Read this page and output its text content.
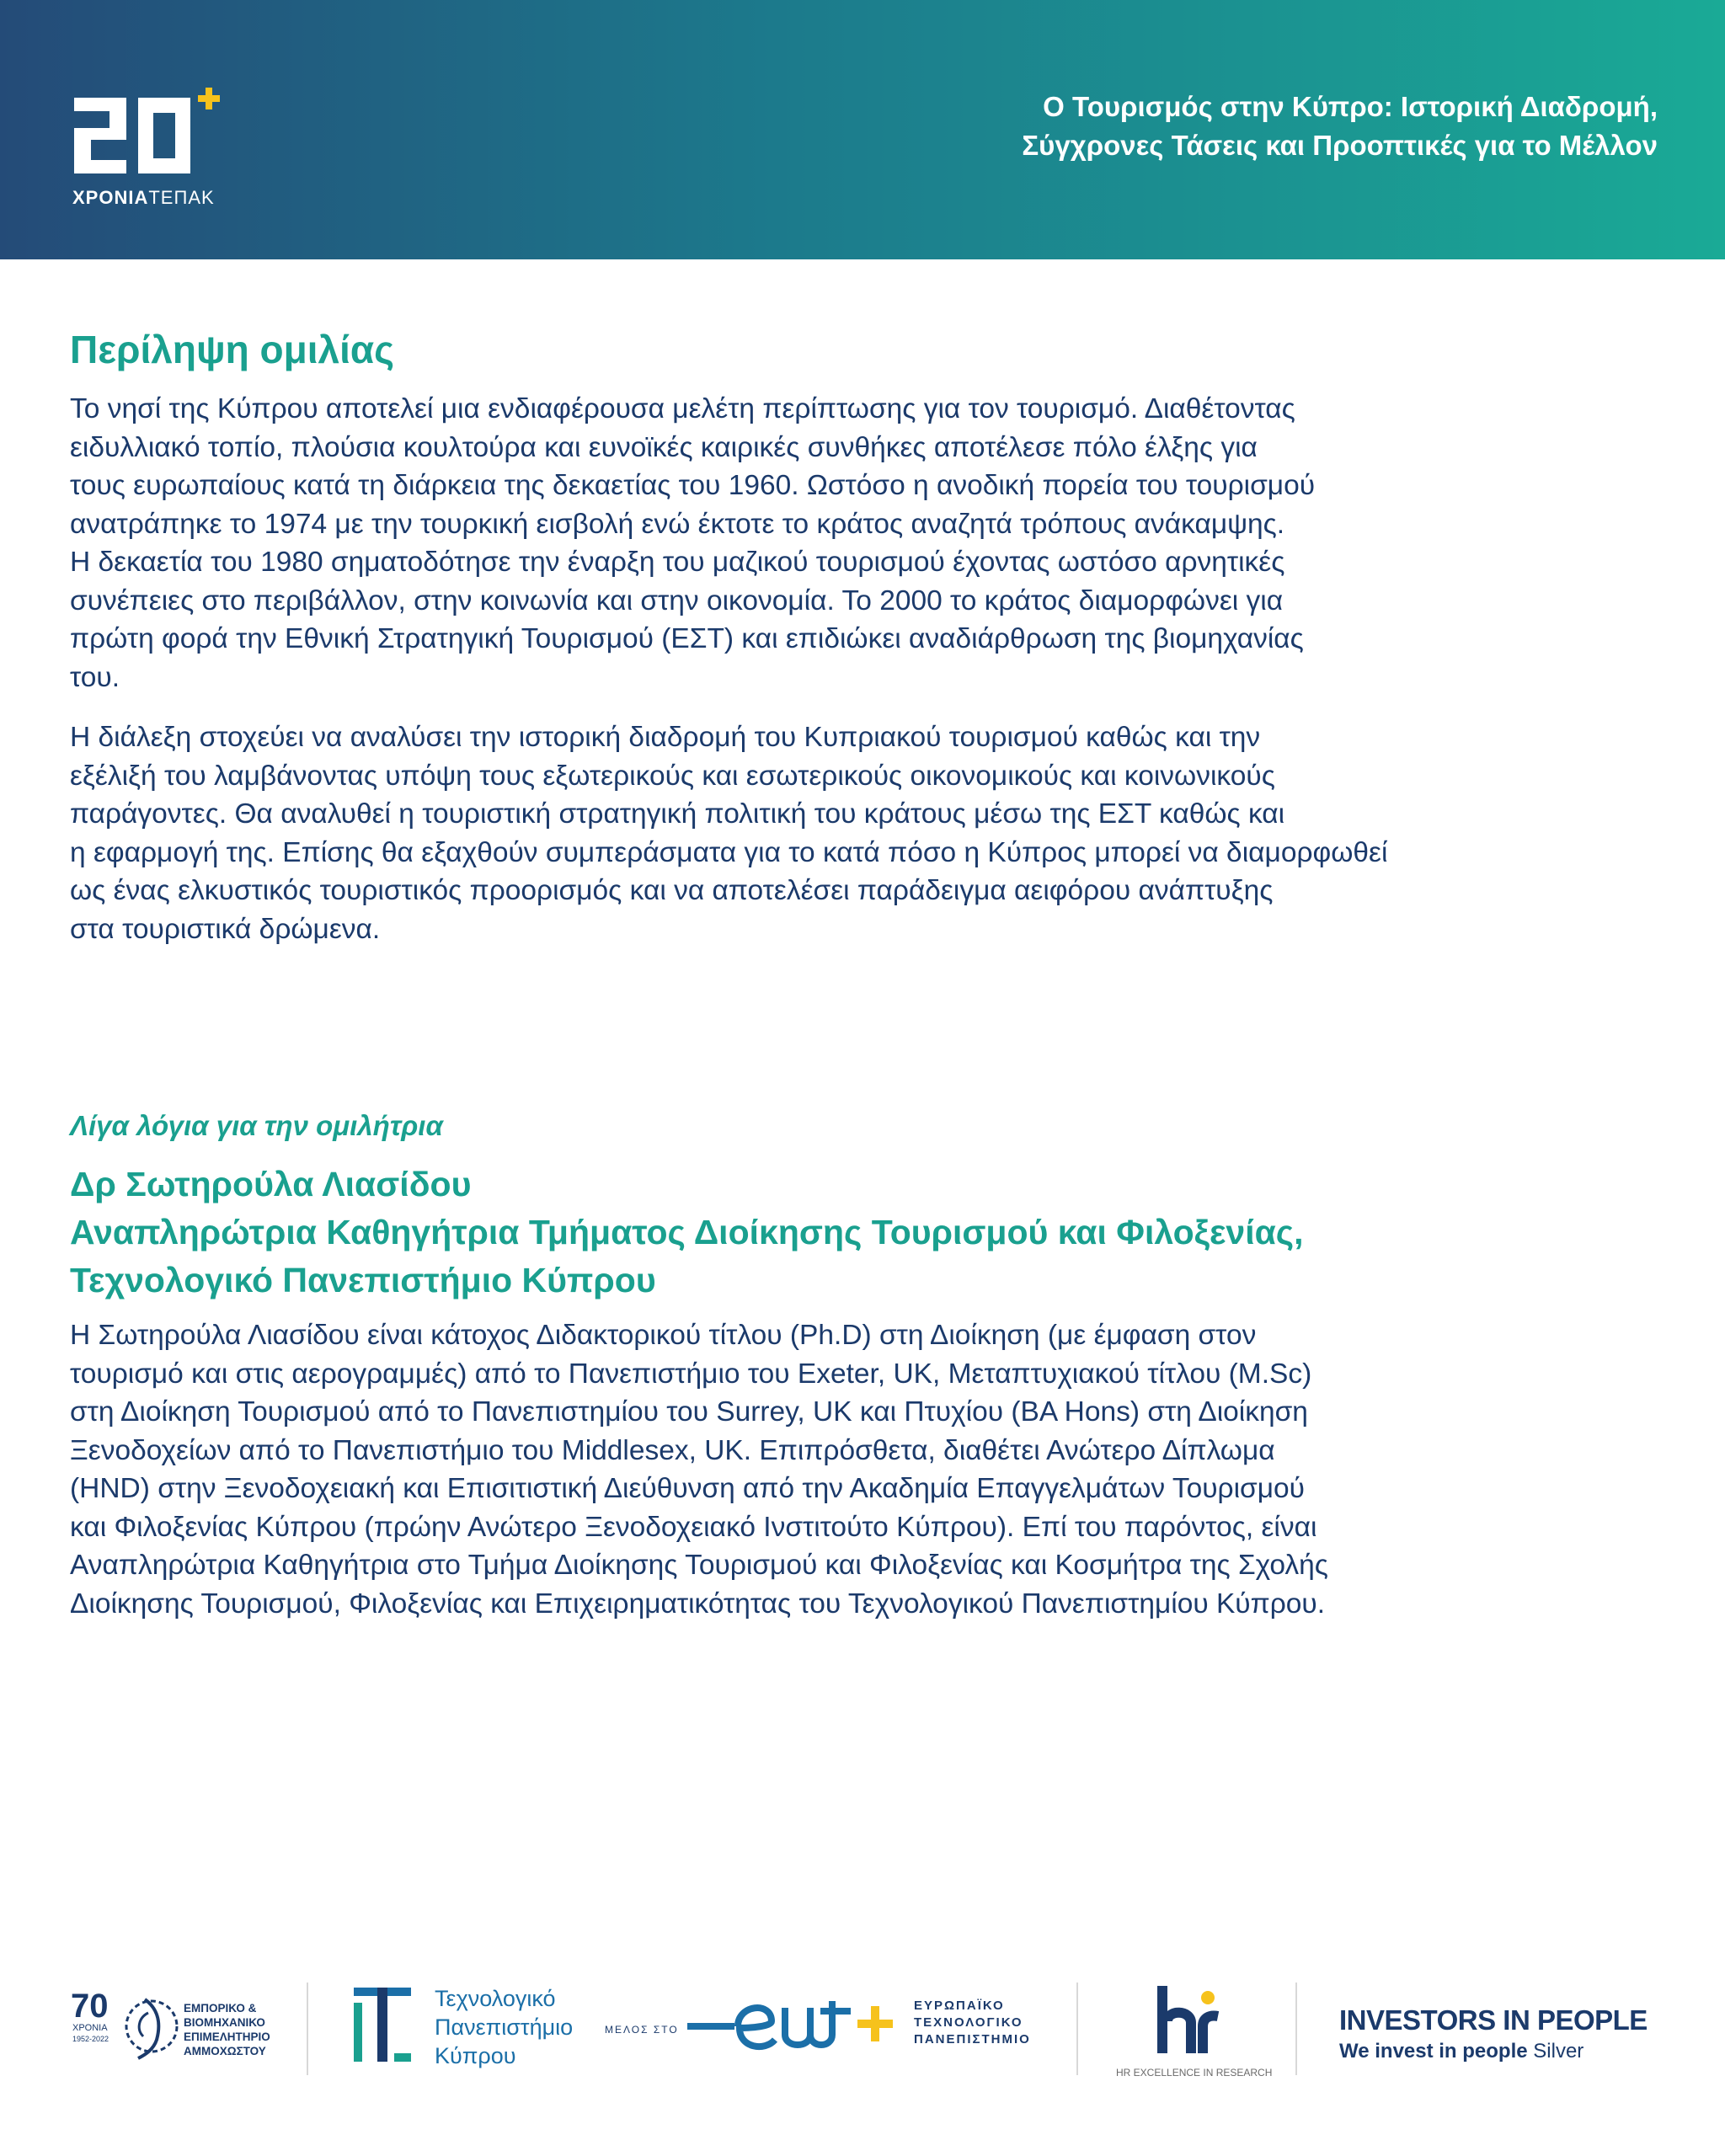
ΧΡΟΝΙΑΤΕΠΑΚ
Ο Τουρισμός στην Κύπρο: Ιστορική Διαδρομή,
Σύγχρονες Τάσεις και Προοπτικές για το Μέλλον
Περίληψη ομιλίας

Το νησί της Κύπρου αποτελεί μια ενδιαφέρουσα μελέτη περίπτωσης για τον τουρισμό. Διαθέτοντας
ειδυλλιακό τοπίο, πλούσια κουλτούρα και ευνοϊκές καιρικές συνθήκες αποτέλεσε πόλο έλξης για
τους ευρωπαίους κατά τη διάρκεια της δεκαετίας του 1960. Ωστόσο η ανοδική πορεία του τουρισμού
ανατράπηκε το 1974 με την τουρκική εισβολή ενώ έκτοτε το κράτος αναζητά τρόπους ανάκαμψης.
Η δεκαετία του 1980 σηματοδότησε την έναρξη του μαζικού τουρισμού έχοντας ωστόσο αρνητικές
συνέπειες στο περιβάλλον, στην κοινωνία και στην οικονομία. Το 2000 το κράτος διαμορφώνει για
πρώτη φορά την Εθνική Στρατηγική Τουρισμού (ΕΣΤ) και επιδιώκει αναδιάρθρωση της βιομηχανίας
του.

Η διάλεξη στοχεύει να αναλύσει την ιστορική διαδρομή του Κυπριακού τουρισμού καθώς και την
εξέλιξή του λαμβάνοντας υπόψη τους εξωτερικούς και εσωτερικούς οικονομικούς και κοινωνικούς
παράγοντες. Θα αναλυθεί η τουριστική στρατηγική πολιτική του κράτους μέσω της ΕΣΤ καθώς και
η εφαρμογή της. Επίσης θα εξαχθούν συμπεράσματα για το κατά πόσο η Κύπρος μπορεί να διαμορφωθεί
ως ένας ελκυστικός τουριστικός προορισμός και να αποτελέσει παράδειγμα αειφόρου ανάπτυξης
στα τουριστικά δρώμενα.

Λίγα λόγια για την ομιλήτρια
Δρ Σωτηρούλα Λιασίδου
Αναπληρώτρια Καθηγήτρια Τμήματος Διοίκησης Τουρισμού και Φιλοξενίας,
Τεχνολογικό Πανεπιστήμιο Κύπρου

Η Σωτηρούλα Λιασίδου είναι κάτοχος Διδακτορικού τίτλου (Ph.D) στη Διοίκηση (με έμφαση στον
τουρισμό και στις αερογραμμές) από το Πανεπιστήμιο του Exeter, UK, Μεταπτυχιακού τίτλου (M.Sc)
στη Διοίκηση Τουρισμού από το Πανεπιστημίου του Surrey, UK και Πτυχίου (BA Hons) στη Διοίκηση
Ξενοδοχείων από το Πανεπιστήμιο του Middlesex, UK. Επιπρόσθετα, διαθέτει Ανώτερο Δίπλωμα
(HND) στην Ξενοδοχειακή και Επισιτιστική Διεύθυνση από την Ακαδημία Επαγγελμάτων Τουρισμού
και Φιλοξενίας Κύπρου (πρώην Ανώτερο Ξενοδοχειακό Ινστιτούτο Κύπρου). Επί του παρόντος, είναι
Αναπληρώτρια Καθηγήτρια στο Τμήμα Διοίκησης Τουρισμού και Φιλοξενίας και Κοσμήτρα της Σχολής
Διοίκησης Τουρισμού, Φιλοξενίας και Επιχειρηματικότητας του Τεχνολογικού Πανεπιστημίου Κύπρου.

70
ΧΡΟΝΙΑ
1952-2022
ΕΜΠΟΡΙΚΟ &
ΒΙΟΜΗΧΑΝΙΚΟ
ΕΠΙΜΕΛΗΤΗΡΙΟ
ΑΜΜΟΧΩΣΤΟΥ
Τεχνολογικό
Πανεπιστήμιο
Κύπρου
ΜΕΛΟΣ ΣΤΟ
ΕΥΡΩΠΑΪΚΟ
ΤΕΧΝΟΛΟΓΙΚΟ
ΠΑΝΕΠΙΣΤΗΜΙΟ
HR EXCELLENCE IN RESEARCH
INVESTORS IN PEOPLE
We invest in people Silver
